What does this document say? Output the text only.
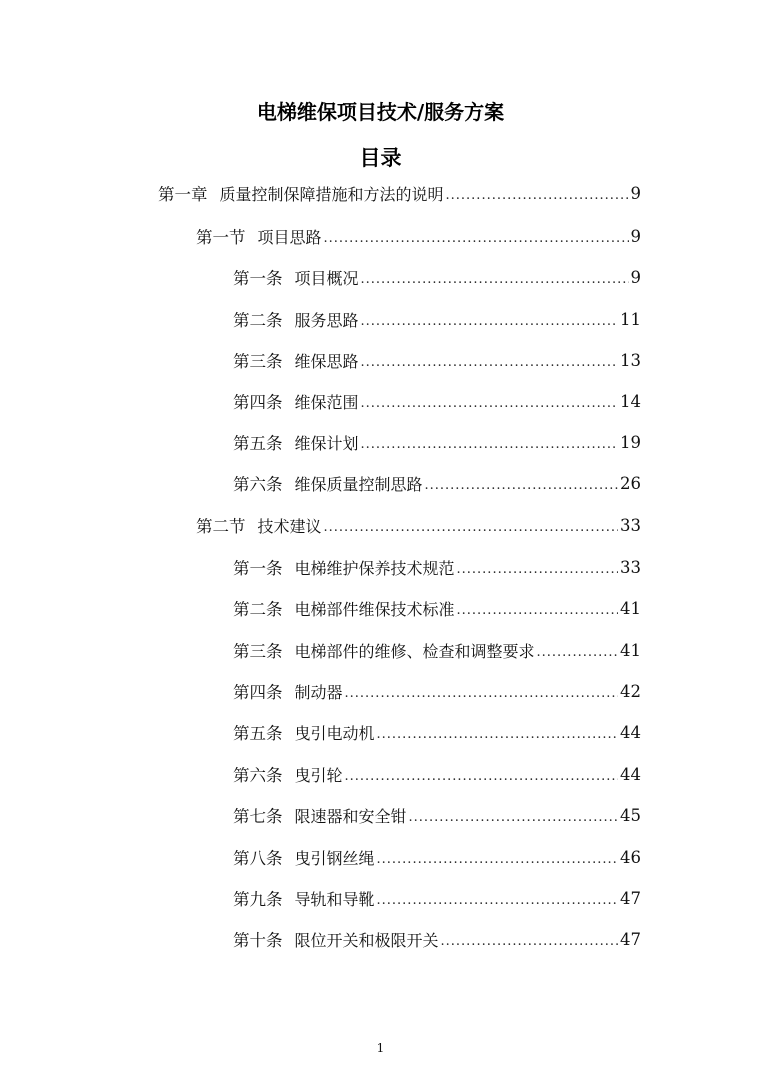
电梯维保项目技术/服务方案
目录
第一章 质量控制保障措施和方法的说明 .....	9
第一节 项目思路 .....	9
第一条 项目概况 .....	9
第二条 服务思路 .....	11
第三条 维保思路 .....	13
第四条 维保范围 .....	14
第五条 维保计划 .....	19
第六条 维保质量控制思路 .....	26
第二节 技术建议 .....	33
第一条 电梯维护保养技术规范 .....	33
第二条 电梯部件维保技术标准 .....	41
第三条 电梯部件的维修、检查和调整要求 .....	41
第四条 制动器 .....	42
第五条 曳引电动机 .....	44
第六条 曳引轮 .....	44
第七条 限速器和安全钳 .....	45
第八条 曳引钢丝绳 .....	46
第九条 导轨和导靴 .....	47
第十条 限位开关和极限开关 .....	47
1
